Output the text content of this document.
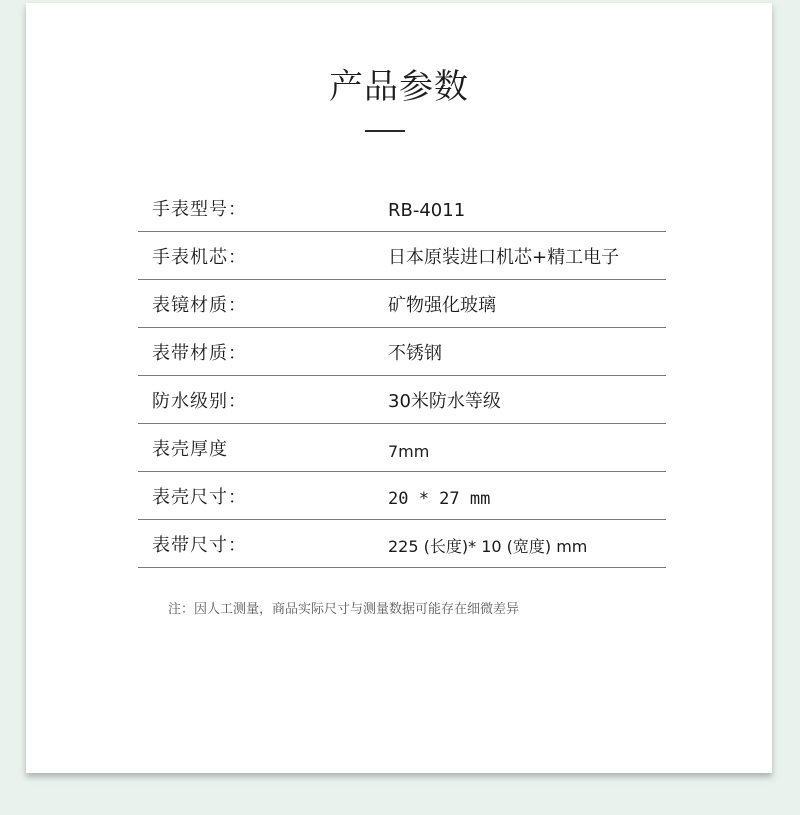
产品参数
手表型号：	RB-4011
手表机芯：	日本原装进口机芯+精工电子
表镜材质：	矿物强化玻璃
表带材质：	不锈钢
防水级别：	30米防水等级
表壳厚度	7mm
表壳尺寸：	20 * 27 mm
表带尺寸：	225 (长度)* 10 (宽度) mm
注：因人工测量，商品实际尺寸与测量数据可能存在细微差异
